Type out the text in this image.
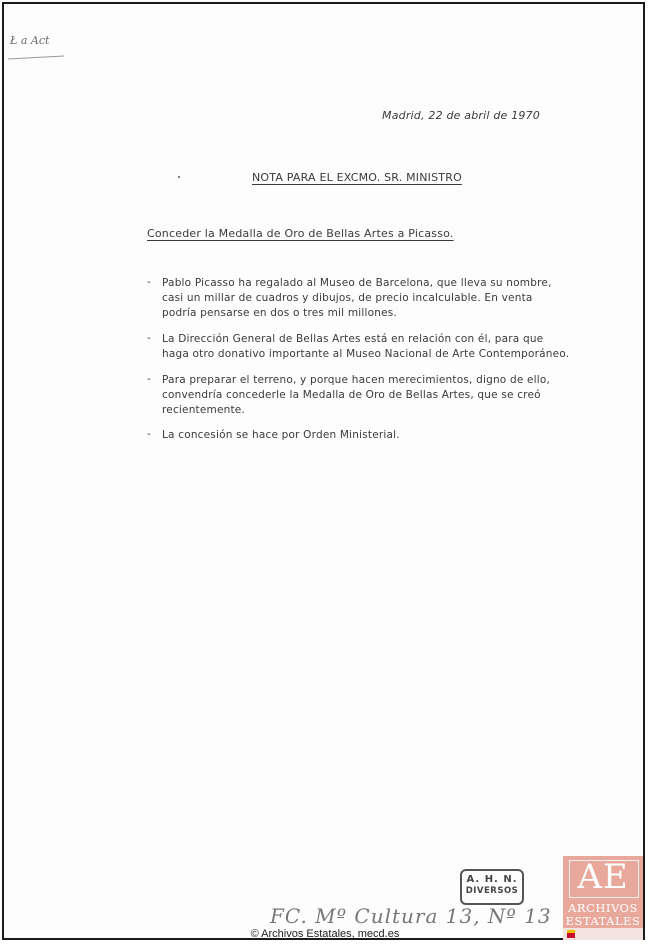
Ł a Act
Madrid, 22 de abril de 1970
NOTA PARA EL EXCMO. SR. MINISTRO
Conceder la Medalla de Oro de Bellas Artes a Picasso.
- Pablo Picasso ha regalado al Museo de Barcelona, que lleva su nombre,
casi un millar de cuadros y dibujos, de precio incalculable. En venta
podría pensarse en dos o tres mil millones.
- La Dirección General de Bellas Artes está en relación con él, para que
haga otro donativo importante al Museo Nacional de Arte Contemporáneo.
- Para preparar el terreno, y porque hacen merecimientos, digno de ello,
convendría concederle la Medalla de Oro de Bellas Artes, que se creó
recientemente.
- La concesión se hace por Orden Ministerial.
A. H. N.
DIVERSOS
FC. Mº Cultura 13, Nº 13
© Archivos Estatales, mecd.es
AE
ARCHIVOS
ESTATALES
